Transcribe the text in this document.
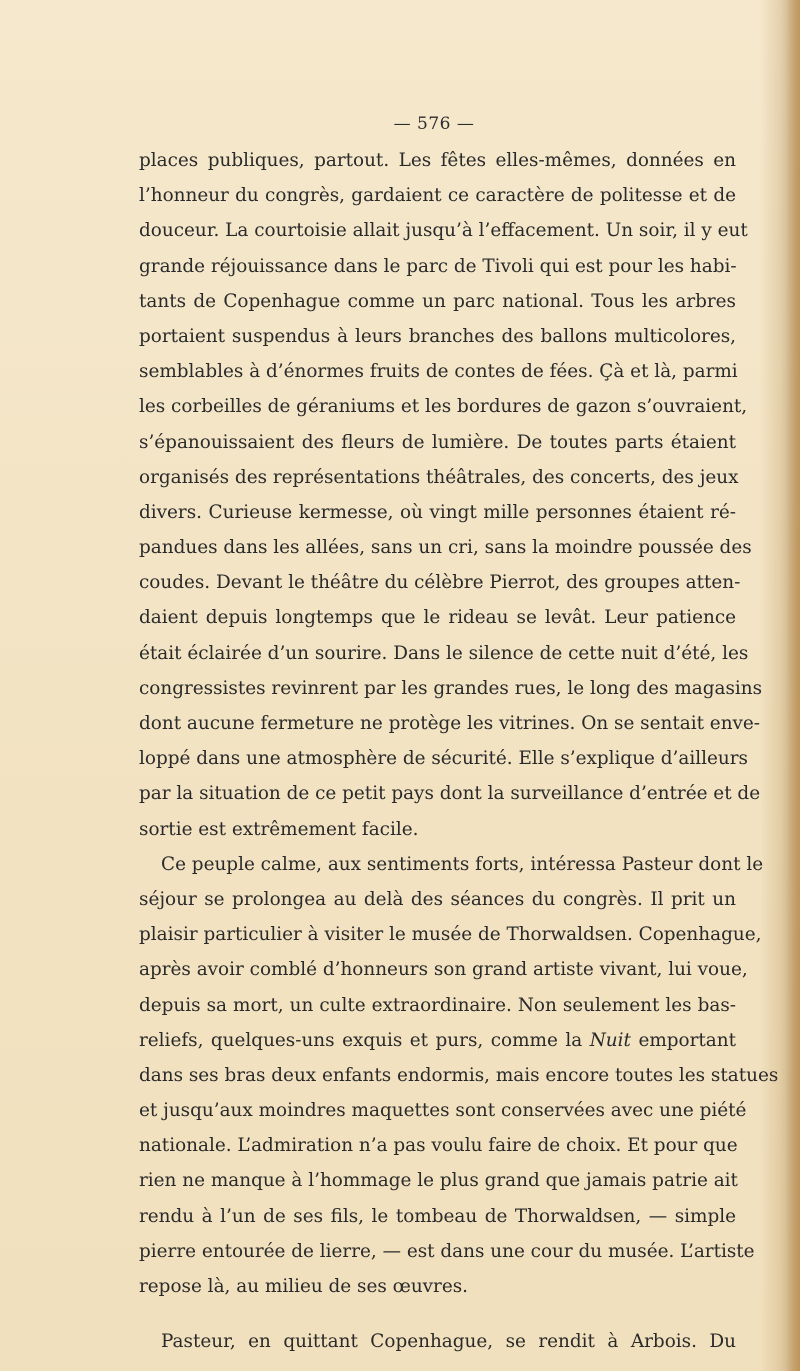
— 576 —
places publiques, partout. Les fêtes elles-mêmes, données en
l’honneur du congrès, gardaient ce caractère de politesse et de
douceur. La courtoisie allait jusqu’à l’effacement. Un soir, il y eut
grande réjouissance dans le parc de Tivoli qui est pour les habi-
tants de Copenhague comme un parc national. Tous les arbres
portaient suspendus à leurs branches des ballons multicolores,
semblables à d’énormes fruits de contes de fées. Çà et là, parmi
les corbeilles de géraniums et les bordures de gazon s’ouvraient,
s’épanouissaient des fleurs de lumière. De toutes parts étaient
organisés des représentations théâtrales, des concerts, des jeux
divers. Curieuse kermesse, où vingt mille personnes étaient ré-
pandues dans les allées, sans un cri, sans la moindre poussée des
coudes. Devant le théâtre du célèbre Pierrot, des groupes atten-
daient depuis longtemps que le rideau se levât. Leur patience
était éclairée d’un sourire. Dans le silence de cette nuit d’été, les
congressistes revinrent par les grandes rues, le long des magasins
dont aucune fermeture ne protège les vitrines. On se sentait enve-
loppé dans une atmosphère de sécurité. Elle s’explique d’ailleurs
par la situation de ce petit pays dont la surveillance d’entrée et de
sortie est extrêmement facile.
Ce peuple calme, aux sentiments forts, intéressa Pasteur dont le
séjour se prolongea au delà des séances du congrès. Il prit un
plaisir particulier à visiter le musée de Thorwaldsen. Copenhague,
après avoir comblé d’honneurs son grand artiste vivant, lui voue,
depuis sa mort, un culte extraordinaire. Non seulement les bas-
reliefs, quelques-uns exquis et purs, comme la Nuit emportant
dans ses bras deux enfants endormis, mais encore toutes les statues
et jusqu’aux moindres maquettes sont conservées avec une piété
nationale. L’admiration n’a pas voulu faire de choix. Et pour que
rien ne manque à l’hommage le plus grand que jamais patrie ait
rendu à l’un de ses fils, le tombeau de Thorwaldsen, — simple
pierre entourée de lierre, — est dans une cour du musée. L’artiste
repose là, au milieu de ses œuvres.
Pasteur, en quittant Copenhague, se rendit à Arbois. Du
